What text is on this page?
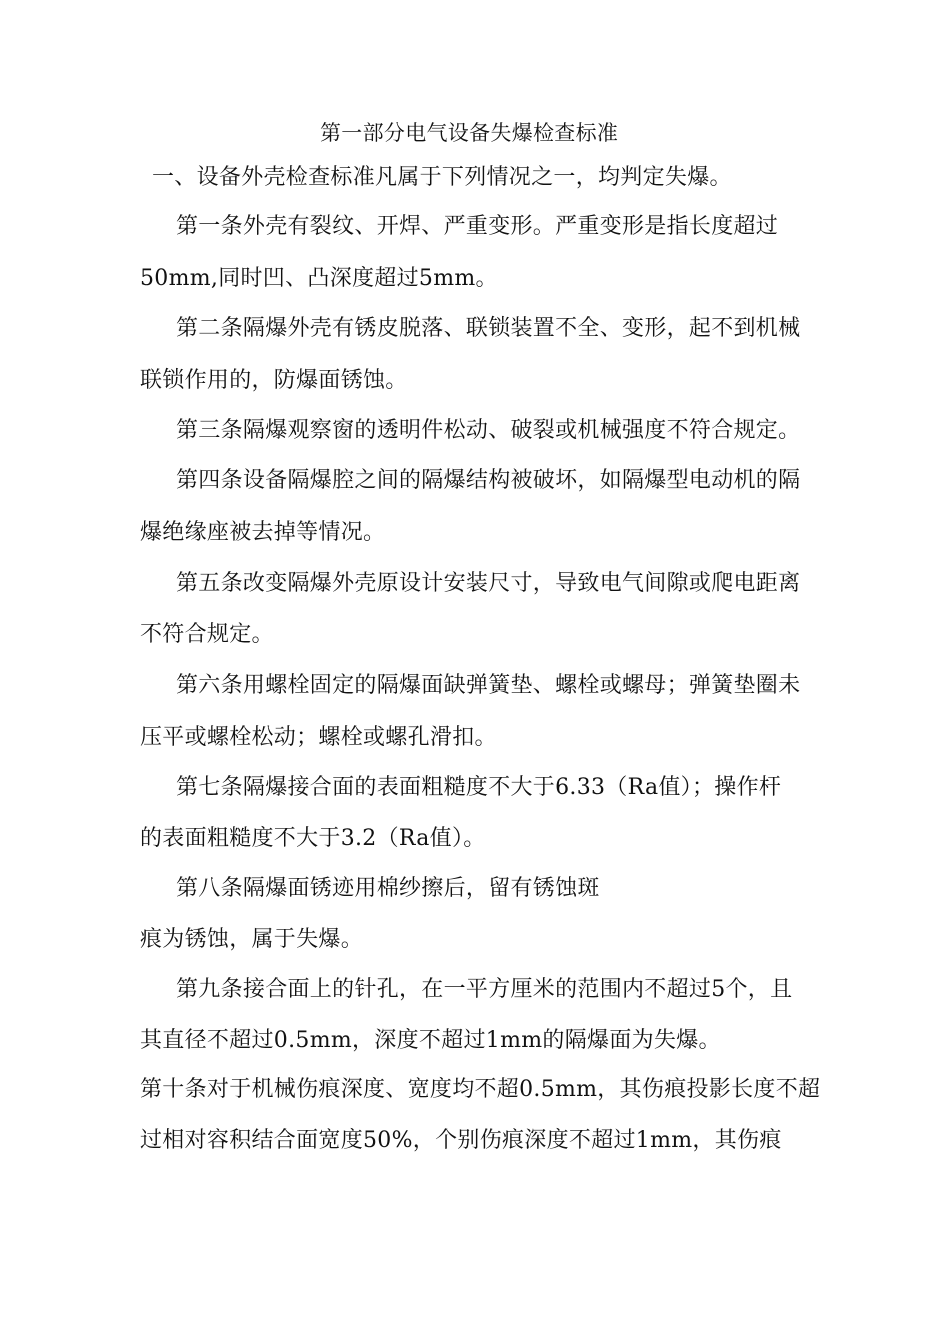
第一部分电气设备失爆检查标准
一、设备外壳检查标准凡属于下列情况之一，均判定失爆。
第一条外壳有裂纹、开焊、严重变形。严重变形是指长度超过
50mm,同时凹、凸深度超过5mm。
第二条隔爆外壳有锈皮脱落、联锁装置不全、变形，起不到机械
联锁作用的，防爆面锈蚀。
第三条隔爆观察窗的透明件松动、破裂或机械强度不符合规定。
第四条设备隔爆腔之间的隔爆结构被破坏，如隔爆型电动机的隔
爆绝缘座被去掉等情况。
第五条改变隔爆外壳原设计安装尺寸，导致电气间隙或爬电距离
不符合规定。
第六条用螺栓固定的隔爆面缺弹簧垫、螺栓或螺母；弹簧垫圈未
压平或螺栓松动；螺栓或螺孔滑扣。
第七条隔爆接合面的表面粗糙度不大于6.33（Ra值）；操作杆
的表面粗糙度不大于3.2（Ra值）。
第八条隔爆面锈迹用棉纱擦后，留有锈蚀斑
痕为锈蚀，属于失爆。
第九条接合面上的针孔，在一平方厘米的范围内不超过5个，且
其直径不超过0.5mm，深度不超过1mm的隔爆面为失爆。
第十条对于机械伤痕深度、宽度均不超0.5mm，其伤痕投影长度不超
过相对容积结合面宽度50%，个别伤痕深度不超过1mm，其伤痕
